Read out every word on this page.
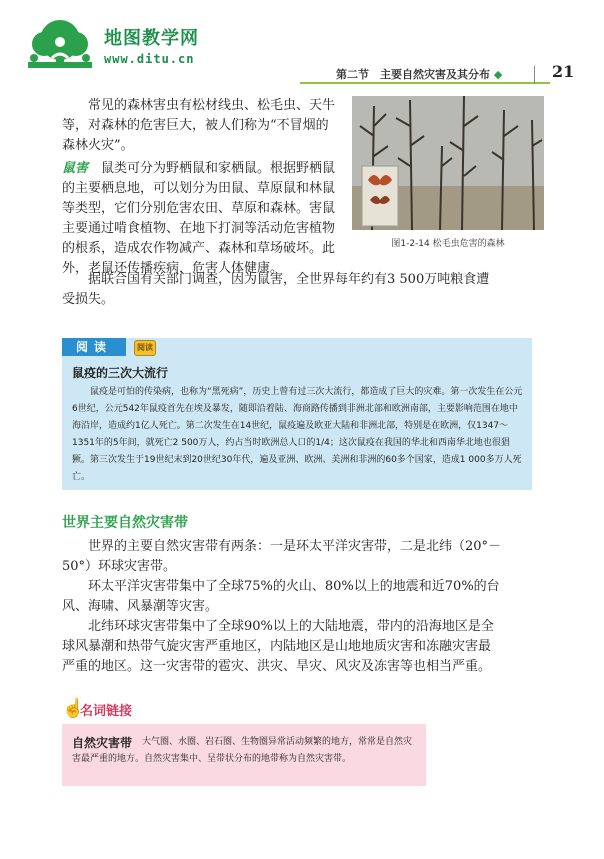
地图教学网
www.ditu.cn
第二节　主要自然灾害及其分布 ◆	21
常见的森林害虫有松材线虫、松毛虫、天牛等，对森林的危害巨大，被人们称为“不冒烟的森林火灾”。
鼠害　 鼠类可分为野栖鼠和家栖鼠。根据野栖鼠的主要栖息地，可以划分为田鼠、草原鼠和林鼠等类型，它们分别危害农田、草原和森林。害鼠主要通过啃食植物、在地下打洞等活动危害植物的根系，造成农作物减产、森林和草场破坏。此外，老鼠还传播疾病，危害人体健康。
据联合国有关部门调查，因为鼠害，全世界每年约有3 500万吨粮食遭受损失。
图1-2-14 松毛虫危害的森林
阅读	阅读
鼠疫的三次大流行
鼠疫是可怕的传染病，也称为“黑死病”，历史上曾有过三次大流行，都造成了巨大的灾难。第一次发生在公元6世纪，公元542年鼠疫首先在埃及暴发，随即沿着陆、海商路传播到非洲北部和欧洲南部，主要影响范围在地中海沿岸，造成约1亿人死亡。第二次发生在14世纪，鼠疫遍及欧亚大陆和非洲北部，特别是在欧洲，仅1347～1351年的5年间，就死亡2 500万人，约占当时欧洲总人口的1/4；这次鼠疫在我国的华北和西南华北地也很猖獗。第三次发生于19世纪末到20世纪30年代，遍及亚洲、欧洲、美洲和非洲的60多个国家，造成1 000多万人死亡。
世界主要自然灾害带
世界的主要自然灾害带有两条：一是环太平洋灾害带，二是北纬（20°－50°）环球灾害带。
环太平洋灾害带集中了全球75%的火山、80%以上的地震和近70%的台风、海啸、风暴潮等灾害。
北纬环球灾害带集中了全球90%以上的大陆地震，带内的沿海地区是全球风暴潮和热带气旋灾害严重地区，内陆地区是山地地质灾害和冻融灾害最严重的地区。这一灾害带的雹灾、洪灾、旱灾、风灾及冻害等也相当严重。
☝
名词链接
自然灾害带	大气圈、水圈、岩石圈、生物圈异常活动频繁的地方，常常是自然灾害最严重的地方。自然灾害集中、呈带状分布的地带称为自然灾害带。
